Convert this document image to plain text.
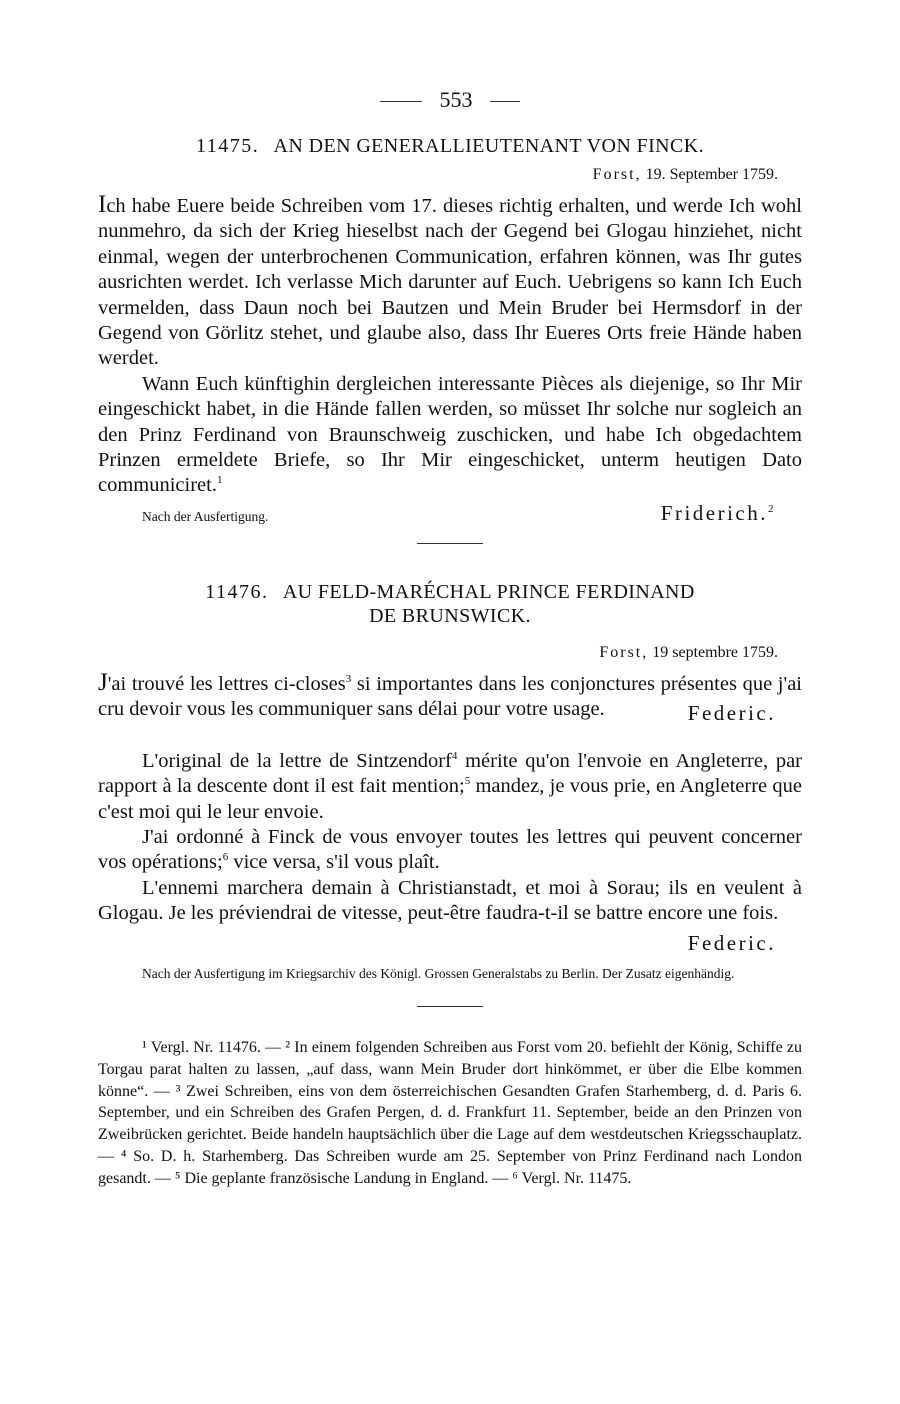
553
11475. AN DEN GENERALLIEUTENANT VON FINCK.
Forst, 19. September 1759.

Ich habe Euere beide Schreiben vom 17. dieses richtig erhalten, und werde Ich wohl nunmehro, da sich der Krieg hieselbst nach der Gegend bei Glogau hinziehet, nicht einmal, wegen der unterbrochenen Communication, erfahren können, was Ihr gutes ausrichten werdet. Ich verlasse Mich darunter auf Euch. Uebrigens so kann Ich Euch vermelden, dass Daun noch bei Bautzen und Mein Bruder bei Hermsdorf in der Gegend von Görlitz stehet, und glaube also, dass Ihr Eueres Orts freie Hände haben werdet.

Wann Euch künftighin dergleichen interessante Pièces als diejenige, so Ihr Mir eingeschickt habet, in die Hände fallen werden, so müsset Ihr solche nur sogleich an den Prinz Ferdinand von Braunschweig zuschicken, und habe Ich obgedachtem Prinzen ermeldete Briefe, so Ihr Mir eingeschicket, unterm heutigen Dato communiciret.$^1$

Nach der Ausfertigung.	Friderich.$^2$
11476. AU FELD-MARÉCHAL PRINCE FERDINAND
DE BRUNSWICK.
Forst, 19 septembre 1759.

J'ai trouvé les lettres ci-closes$^3$ si importantes dans les conjonctures présentes que j'ai cru devoir vous les communiquer sans délai pour votre usage.	Federic.

L'original de la lettre de Sintzendorf$^4$ mérite qu'on l'envoie en Angleterre, par rapport à la descente dont il est fait mention;$^5$ mandez, je vous prie, en Angleterre que c'est moi qui le leur envoie.

J'ai ordonné à Finck de vous envoyer toutes les lettres qui peuvent concerner vos opérations;$^6$ vice versa, s'il vous plaît.

L'ennemi marchera demain à Christianstadt, et moi à Sorau; ils en veulent à Glogau. Je les préviendrai de vitesse, peut-être faudra-t-il se battre encore une fois.
Federic.

Nach der Ausfertigung im Kriegsarchiv des Königl. Grossen Generalstabs zu Berlin. Der Zusatz eigenhändig.

¹ Vergl. Nr. 11476. — ² In einem folgenden Schreiben aus Forst vom 20. befiehlt der König, Schiffe zu Torgau parat halten zu lassen, „auf dass, wann Mein Bruder dort hinkömmet, er über die Elbe kommen könne“. — ³ Zwei Schreiben, eins von dem österreichischen Gesandten Grafen Starhemberg, d. d. Paris 6. September, und ein Schreiben des Grafen Pergen, d. d. Frankfurt 11. September, beide an den Prinzen von Zweibrücken gerichtet. Beide handeln hauptsächlich über die Lage auf dem westdeutschen Kriegsschauplatz. — ⁴ So. D. h. Starhemberg. Das Schreiben wurde am 25. September von Prinz Ferdinand nach London gesandt. — ⁵ Die geplante französische Landung in England. — ⁶ Vergl. Nr. 11475.
